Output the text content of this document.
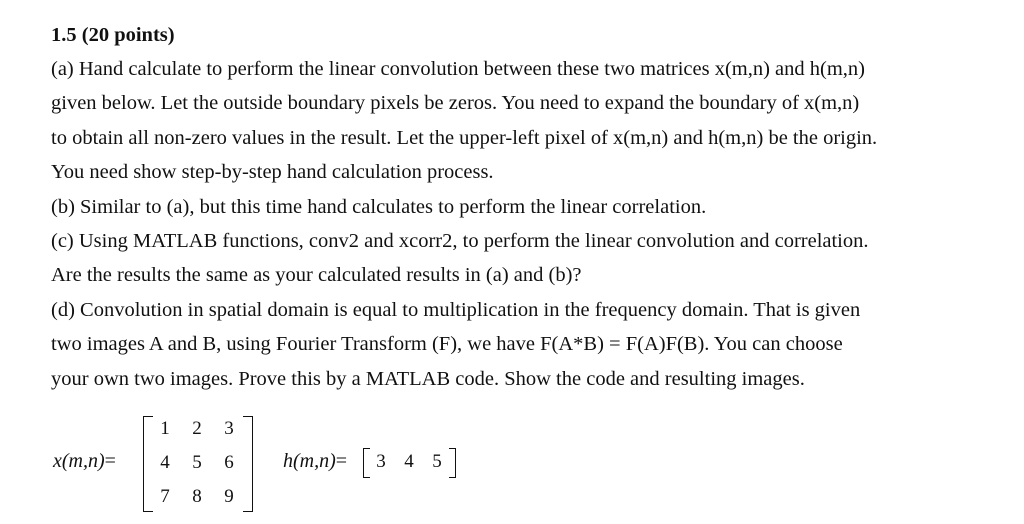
1.5 (20 points)

(a) Hand calculate to perform the linear convolution between these two matrices x(m,n) and h(m,n)

given below. Let the outside boundary pixels be zeros. You need to expand the boundary of x(m,n)

to obtain all non-zero values in the result. Let the upper-left pixel of x(m,n) and h(m,n) be the origin.

You need show step-by-step hand calculation process.

(b) Similar to (a), but this time hand calculates to perform the linear correlation.

(c) Using MATLAB functions, conv2 and xcorr2, to perform the linear convolution and correlation.

Are the results the same as your calculated results in (a) and (b)?

(d) Convolution in spatial domain is equal to multiplication in the frequency domain. That is given

two images A and B, using Fourier Transform (F), we have F(A*B) = F(A)F(B). You can choose

your own two images. Prove this by a MATLAB code. Show the code and resulting images.

x(m,n)=
1 2 3
4 5 6
7 8 9
h(m,n)= 3 4 5
